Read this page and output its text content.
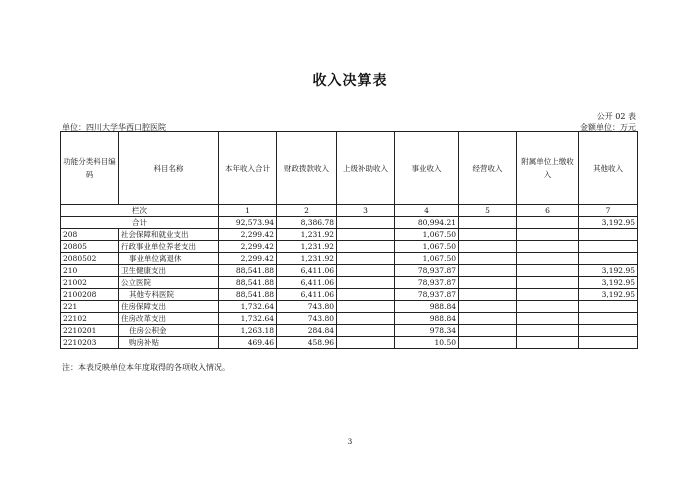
收入决算表
公开 02 表
单位：四川大学华西口腔医院	金额单位：万元
功能分类科目编码	科目名称	本年收入合计	财政拨款收入	上级补助收入	事业收入	经营收入	附属单位上缴收入	其他收入
栏次		1	2	3	4	5	6	7
合计		92,573.94	8,386.78		80,994.21			3,192.95
208	社会保障和就业支出	2,299.42	1,231.92		1,067.50			
20805	行政事业单位养老支出	2,299.42	1,231.92		1,067.50			
2080502	事业单位离退休	2,299.42	1,231.92		1,067.50			
210	卫生健康支出	88,541.88	6,411.06		78,937.87			3,192.95
21002	公立医院	88,541.88	6,411.06		78,937.87			3,192.95
2100208	其他专科医院	88,541.88	6,411.06		78,937.87			3,192.95
221	住房保障支出	1,732.64	743.80		988.84			
22102	住房改革支出	1,732.64	743.80		988.84			
2210201	住房公积金	1,263.18	284.84		978.34			
2210203	购房补贴	469.46	458.96		10.50			
注：本表反映单位本年度取得的各项收入情况。
3
